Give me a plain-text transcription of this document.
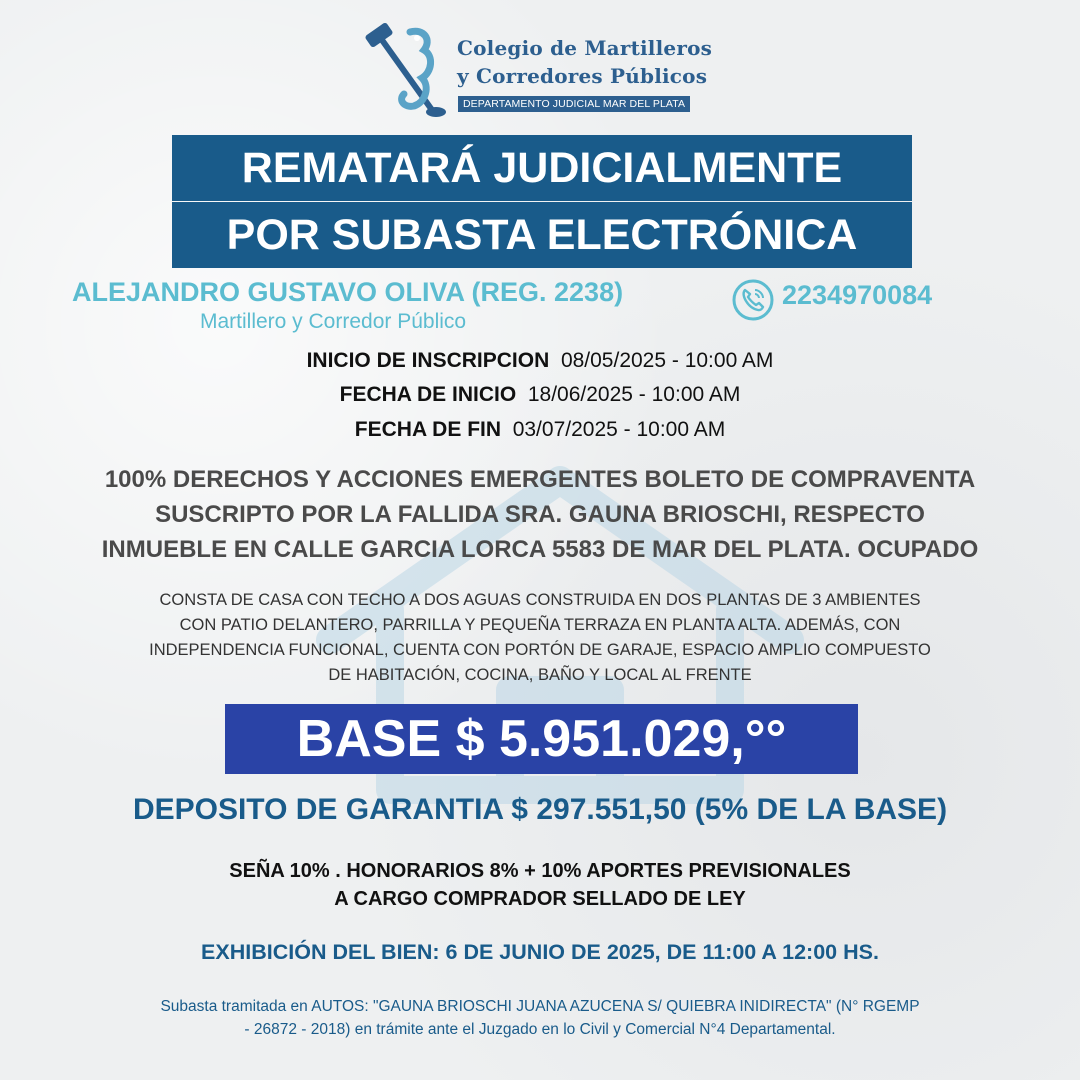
Colegio de Martilleros
y Corredores Públicos
DEPARTAMENTO JUDICIAL MAR DEL PLATA
REMATARÁ JUDICIALMENTE
POR SUBASTA ELECTRÓNICA
ALEJANDRO GUSTAVO OLIVA (REG. 2238)
Martillero y Corredor Público
2234970084
INICIO DE INSCRIPCION 08/05/2025 - 10:00 AM
FECHA DE INICIO 18/06/2025 - 10:00 AM
FECHA DE FIN 03/07/2025 - 10:00 AM
100% DERECHOS Y ACCIONES EMERGENTES BOLETO DE COMPRAVENTA
SUSCRIPTO POR LA FALLIDA SRA. GAUNA BRIOSCHI, RESPECTO
INMUEBLE EN CALLE GARCIA LORCA 5583 DE MAR DEL PLATA. OCUPADO
CONSTA DE CASA CON TECHO A DOS AGUAS CONSTRUIDA EN DOS PLANTAS DE 3 AMBIENTES
CON PATIO DELANTERO, PARRILLA Y PEQUEÑA TERRAZA EN PLANTA ALTA. ADEMÁS, CON
INDEPENDENCIA FUNCIONAL, CUENTA CON PORTÓN DE GARAJE, ESPACIO AMPLIO COMPUESTO
DE HABITACIÓN, COCINA, BAÑO Y LOCAL AL FRENTE
BASE $ 5.951.029,°°
DEPOSITO DE GARANTIA $ 297.551,50 (5% DE LA BASE)
SEÑA 10% . HONORARIOS 8% + 10% APORTES PREVISIONALES
A CARGO COMPRADOR SELLADO DE LEY
EXHIBICIÓN DEL BIEN: 6 DE JUNIO DE 2025, DE 11:00 A 12:00 HS.
Subasta tramitada en AUTOS: "GAUNA BRIOSCHI JUANA AZUCENA S/ QUIEBRA INIDIRECTA" (N° RGEMP
- 26872 - 2018) en trámite ante el Juzgado en lo Civil y Comercial N°4 Departamental.
